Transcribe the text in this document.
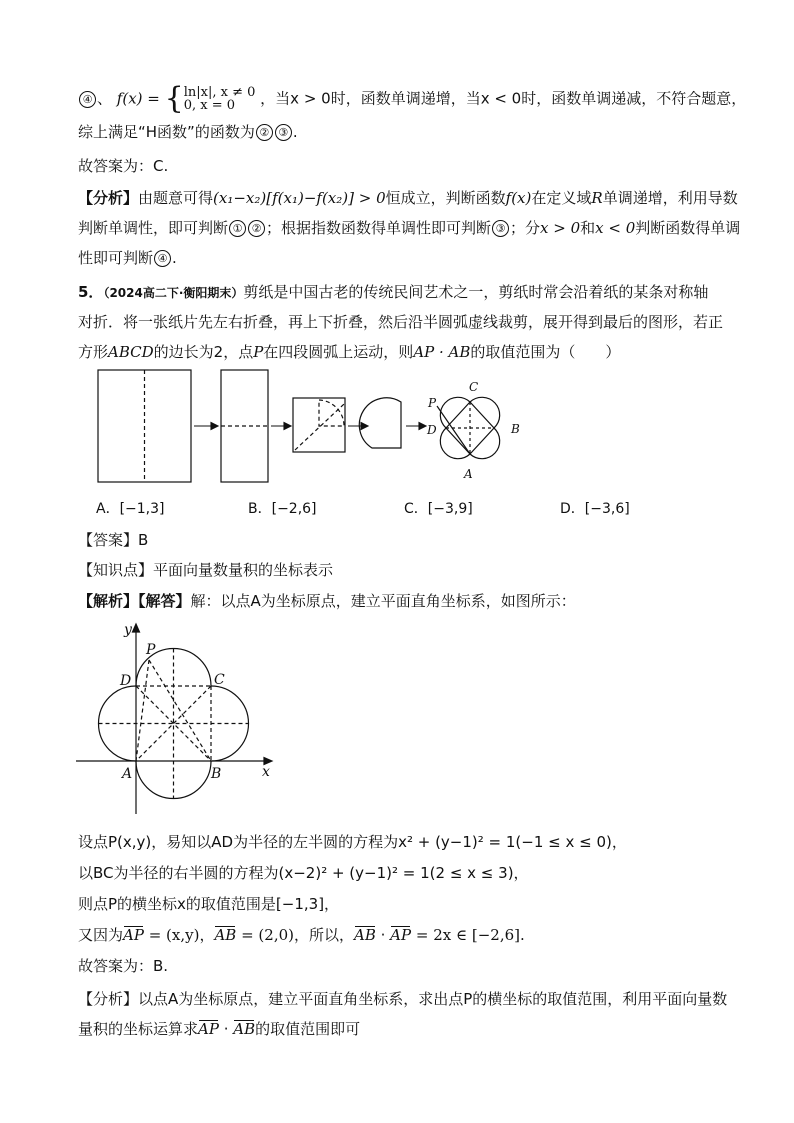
④ 、 f(x) = { ln|x|, x ≠ 0
0, x = 0	，当x > 0时，函数单调递增，当x < 0时，函数单调递减，不符合题意，
综上满足“H函数”的函数为 ② ③ .
故答案为：C.
【分析】由题意可得(x₁−x₂)[f(x₁)−f(x₂)] > 0恒成立，判断函数f(x)在定义域R单调递增，利用导数
判断单调性，即可判断 ① ② ；根据指数函数得单调性即可判断 ③ ；分x > 0和x < 0判断函数得单调
性即可判断 ④ .
5．（2024高二下·衡阳期末）剪纸是中国古老的传统民间艺术之一，剪纸时常会沿着纸的某条对称轴
对折．将一张纸片先左右折叠，再上下折叠，然后沿半圆弧虚线裁剪，展开得到最后的图形，若正
方形ABCD的边长为2，点P在四段圆弧上运动，则AP · AB的取值范围为（　　）
P
C
D	B
A
A．[−1,3]	B．[−2,6]	C．[−3,9]	D．[−3,6]
【答案】B
【知识点】平面向量数量积的坐标表示
【解析】【解答】解：以点A为坐标原点，建立平面直角坐标系，如图所示：
y
x
P
D	C
A	B
设点P(x,y)，易知以AD为半径的左半圆的方程为x² + (y−1)² = 1(−1 ≤ x ≤ 0)，
以BC为半径的右半圆的方程为(x−2)² + (y−1)² = 1(2 ≤ x ≤ 3)，
则点P的横坐标x的取值范围是[−1,3]，
又因为AP = (x,y)，AB = (2,0)，所以，AB · AP = 2x ∈ [−2,6].
故答案为：B.
【分析】以点A为坐标原点，建立平面直角坐标系，求出点P的横坐标的取值范围，利用平面向量数
量积的坐标运算求AP · AB的取值范围即可
